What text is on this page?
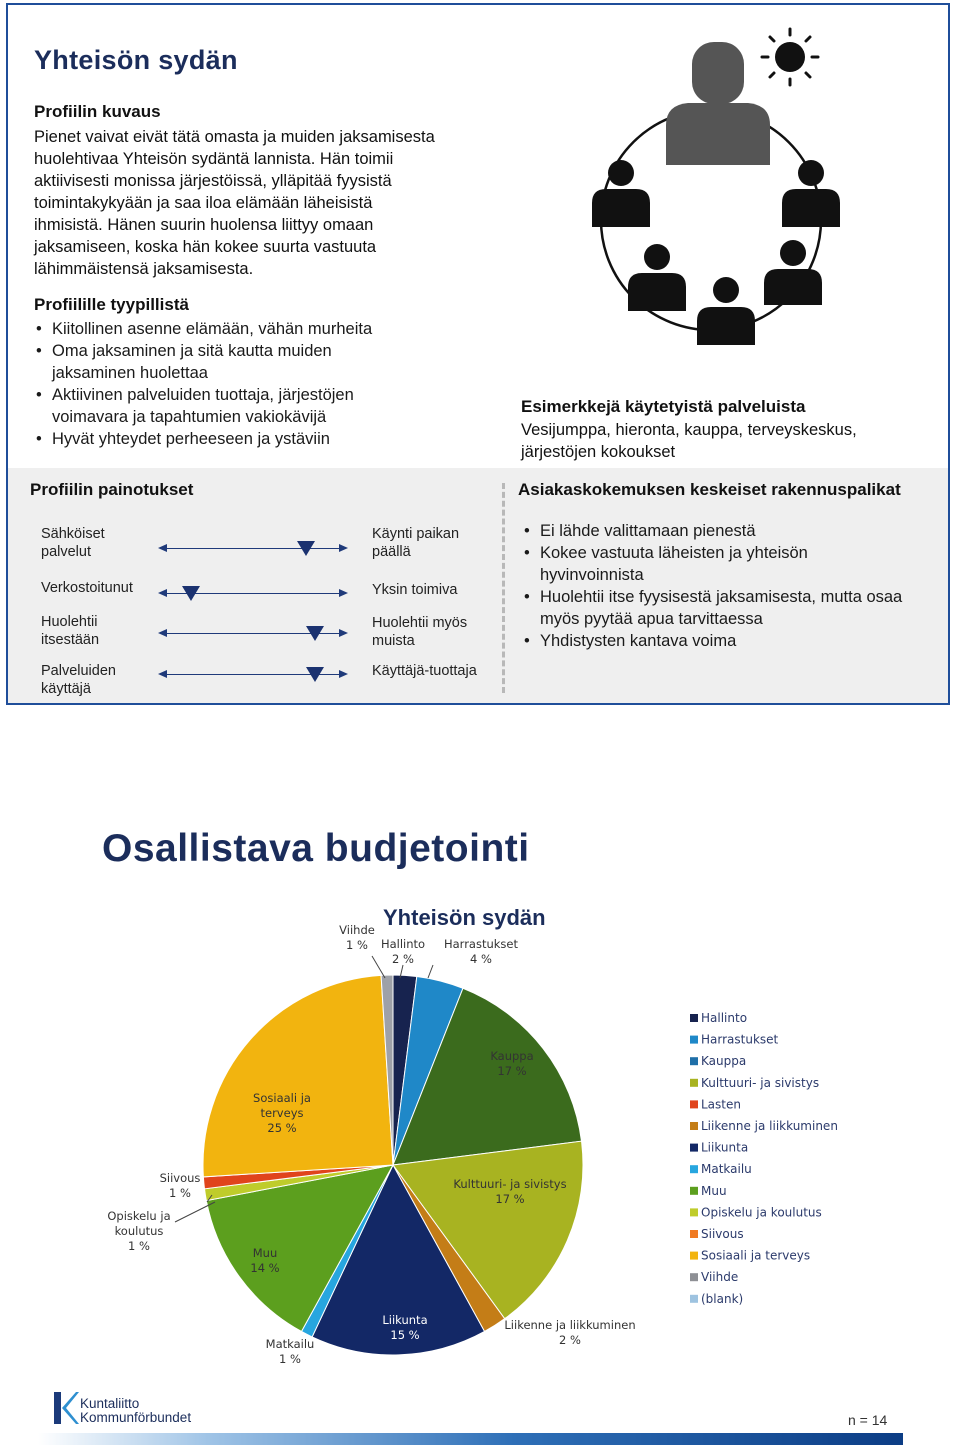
Yhteisön sydän
Profiilin kuvaus
Pienet vaivat eivät tätä omasta ja muiden jaksamisesta
huolehtivaa Yhteisön sydäntä lannista. Hän toimii
aktiivisesti monissa järjestöissä, ylläpitää fyysistä
toimintakykyään ja saa iloa elämään läheisistä
ihmisistä. Hänen suurin huolensa liittyy omaan
jaksamiseen, koska hän kokee suurta vastuuta
lähimmäistensä jaksamisesta.
Profiilille tyypillistä
• Kiitollinen asenne elämään, vähän murheita
• Oma jaksaminen ja sitä kautta muiden jaksaminen huolettaa
• Aktiivinen palveluiden tuottaja, järjestöjen voimavara ja tapahtumien vakiokävijä
• Hyvät yhteydet perheeseen ja ystäviin
Esimerkkejä käytetyistä palveluista
Vesijumppa, hieronta, kauppa, terveyskeskus, järjestöjen kokoukset
Profiilin painotukset
Sähköiset palvelut
Käynti paikan päällä
Verkostoitunut	Yksin toimiva
Huolehtii itsestään
Huolehtii myös muista
Palveluiden käyttäjä
Käyttäjä-tuottaja
Asiakaskokemuksen keskeiset rakennuspalikat
• Ei lähde valittamaan pienestä
• Kokee vastuuta läheisten ja yhteisön hyvinvoinnista
• Huolehtii itse fyysisestä jaksamisesta, mutta osaa myös pyytää apua tarvittaessa
• Yhdistysten kantava voima
Osallistava budjetointi
Yhteisön sydän
Hallinto 2 %
Harrastukset 4 %
Kauppa 17 %
Kulttuuri- ja sivistys 17 %
Liikenne ja liikkuminen 2 %
Liikunta 15 %
Matkailu 1 %
Muu 14 %
Opiskelu ja koulutus 1 %
Siivous 1 %
Sosiaali ja terveys 25 %
Viihde 1 %
Hallinto
Harrastukset
Kauppa
Kulttuuri- ja sivistys
Lasten
Liikenne ja liikkuminen
Liikunta
Matkailu
Muu
Opiskelu ja koulutus
Siivous
Sosiaali ja terveys
Viihde
(blank)
Kuntaliitto
Kommunförbundet	n = 14
